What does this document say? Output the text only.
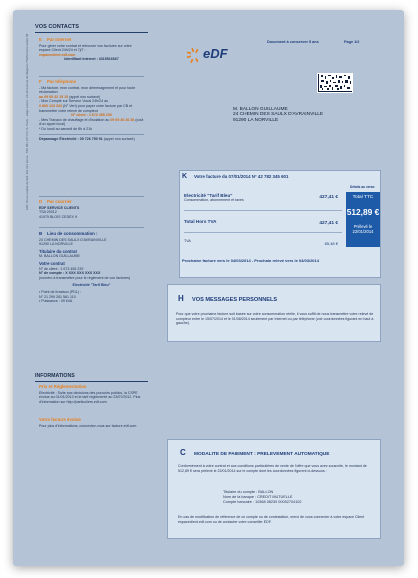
VOS CONTACTS
E Par Internet
Pour gérer votre contrat et retrouver vos factures sur votre espace Client 24h/24 et 7j/7 :
espaceclient.edf.com
Identifiant Internet : 3315516667
F Par téléphone
- Ma facture, mon contrat, mon déménagement et pour toute réclamation
au 09 69 32 15 15 (appel non surtaxé)
- Mon Compte sur Serveur Vocal 24h/24 au
0 800 123 333 (N° Vert) pour payer votre facture par CB et transmettre votre relevé de compteur
N° client : 1 673 455 239
- Mes Travaux de chauffage et d'isolation au 09 69 36 36 36 (coût d'un appel local)
* Du lundi au samedi de 8h à 21h
Dépannage Électricité : 09 726 750 91 (appel non surtaxé)
D Par courrier
EDF SERVICE CLIENTS
TSA 20012
41975 BLOIS CEDEX 9
B Lieu de consommation :
24 CHEMIN DES SAULX D'AVRAINVILLE
91290 LA NORVILLE
Titulaire du contrat
M. BALLON GUILLAUME
Votre contrat
N° de client : 1 673 455 239
N° de compte : X XXX XXX XXX XXX
(numéro à transmettre pour le règlement de vos factures)
Electricité "Tarif Bleu"
• Point de livraison (PDL) :
N° 21 299 281 561 110
• Puissance : 09 kVA
INFORMATIONS
Prix et Réglementation
Electricité : Suite aux décisions des pouvoirs publics, la CSPE évolue au 01/01/2013 et le tarif réglementé au 23/07/2012. Plus d'information sur http://particuliers.edf.com
Votre facture évolue
Pour plus d'informations, connectez-vous sur facture.edf.com
EDF SA au capital de 924 433 331 euros - 552 081 317 R.C.S. Paris - siège social : 22-30 avenue de Wagram 75382 Paris cedex 08	eDF
Document à conserver 5 ans	Page 1/2
M. BALLON GUILLAUME
24 CHEMIN DES SAULX D'AVRAINVILLE
91290 LA NORVILLE
K Votre facture du 07/01/2014 N° 42 782 345 601
Détails au verso
Electricité "Tarif Bleu"
Consommation, abonnement et taxes	427,41 €
Total Hors TVA	427,41 €
TVA	85,48 €
Total TTC
512,89 €
Prélevé le
22/01/2014
Prochaine facture vers le 04/03/2014 - Prochain relevé vers le 04/03/2014
H VOS MESSAGES PERSONNELS
Pour que votre prochaine facture soit basée sur votre consommation réelle, il vous suffit de nous transmettre votre relevé de compteur entre le 15/07/2014 et le 01/08/2014 seulement par Internet ou par téléphone (voir coordonnées figurant en haut à gauche).
C MODALITE DE PAIEMENT : PRELEVEMENT AUTOMATIQUE
Conformément à votre contrat et aux conditions particulières de vente de l'offre que vous avez souscrite, le montant de 512,89 € sera prélevé le 22/01/2014 sur le compte dont les coordonnées figurent ci-dessous :
Titulaire du compte : BALLON
Nom de la banque : CREDIT MUTUELLE
Compte bancaire : 10368 08230 00052704102
En cas de modification de référence de ce compte ou de contestation, merci de vous connecter à votre espace Client espaceclient.edf.com ou de contacter votre conseiller EDF.
